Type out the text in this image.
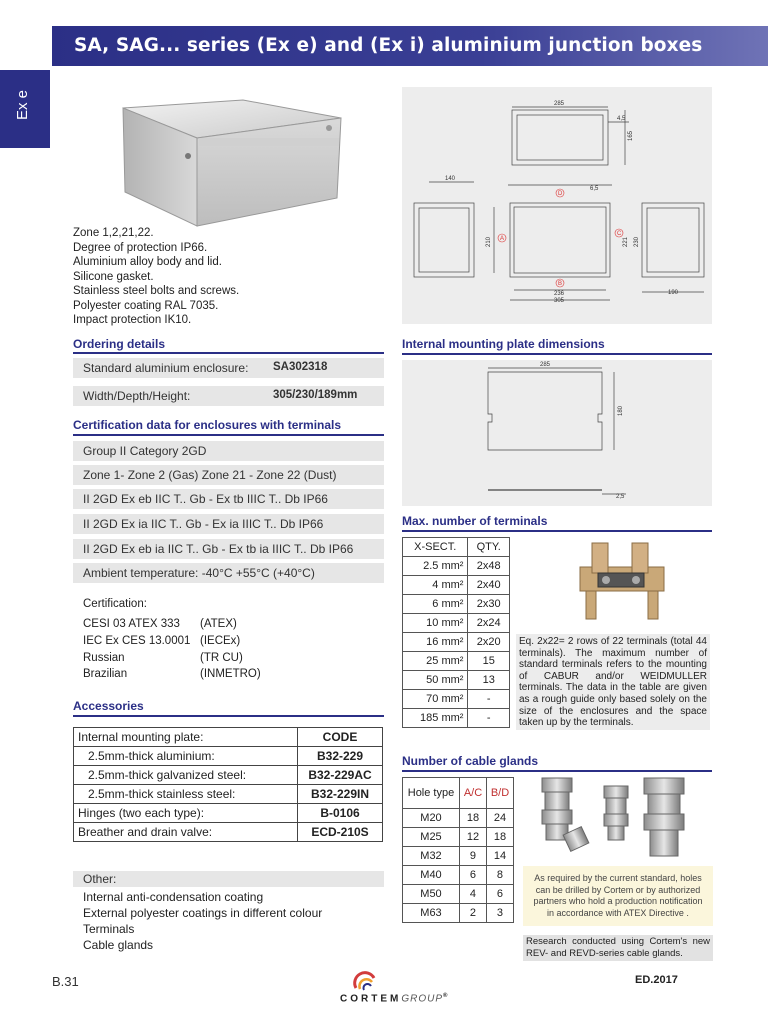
SA, SAG... series (Ex e) and (Ex i) aluminium junction boxes
Ex e
Zone 1,2,21,22.
Degree of protection IP66.
Aluminium alloy body and lid.
Silicone gasket.
Stainless steel bolts and screws.
Polyester coating RAL 7035.
Impact protection IK10.
Ordering details
Standard aluminium enclosure: SA302318
Width/Depth/Height:	305/230/189mm
Certification data for enclosures with terminals
Group II Category 2GD
Zone 1- Zone 2 (Gas) Zone 21 - Zone 22 (Dust)
II 2GD Ex eb IIC T.. Gb - Ex tb IIIC T.. Db IP66
II 2GD Ex ia IIC T.. Gb - Ex ia IIIC T.. Db IP66
II 2GD Ex eb ia IIC T.. Gb - Ex tb ia IIIC T.. Db IP66
Ambient temperature: -40°C +55°C (+40°C)
Certification:
CESI 03 ATEX 333 (ATEX)
IEC Ex CES 13.0001 (IECEx)
Russian	(TR CU)
Brazilian	(INMETRO)
Accessories
Internal mounting plate:	CODE
2.5mm-thick aluminium:	B32-229
2.5mm-thick galvanized steel:	B32-229AC
2.5mm-thick stainless steel:	B32-229IN
Hinges (two each type):	B-0106
Breather and drain valve:	ECD-210S
Other:
Internal anti-condensation coating
External polyester coatings in different colour
Terminals
Cable glands
285
4,5
165
140
6,5
210	221 230
236
305
D
A
C
B
190
Internal mounting plate dimensions
285
180
2,5
Max. number of terminals
X-SECT.	QTY.
2.5 mm²	2x48
4 mm²	2x40
6 mm²	2x30
10 mm²	2x24
16 mm²	2x20
25 mm²	15
50 mm²	13
70 mm²	-
185 mm²	-
Eq. 2x22= 2 rows of 22 terminals (total 44 terminals). The maximum number of standard terminals refers to the mounting of CABUR and/or WEIDMULLER terminals. The data in the table are given as a rough guide only based solely on the size of the enclosures and the space taken up by the terminals.
Number of cable glands
Hole type	A/C	B/D
M20	18	24
M25	12	18
M32	9	14
M40	6	8
M50	4	6
M63	2	3
As required by the current standard, holes can be drilled by Cortem or by authorized partners who hold a production notification in accordance with ATEX Directive .
Research conducted using Cortem's new REV- and REVD-series cable glands.
B.31	ED.2017
CORTEMGROUP®
